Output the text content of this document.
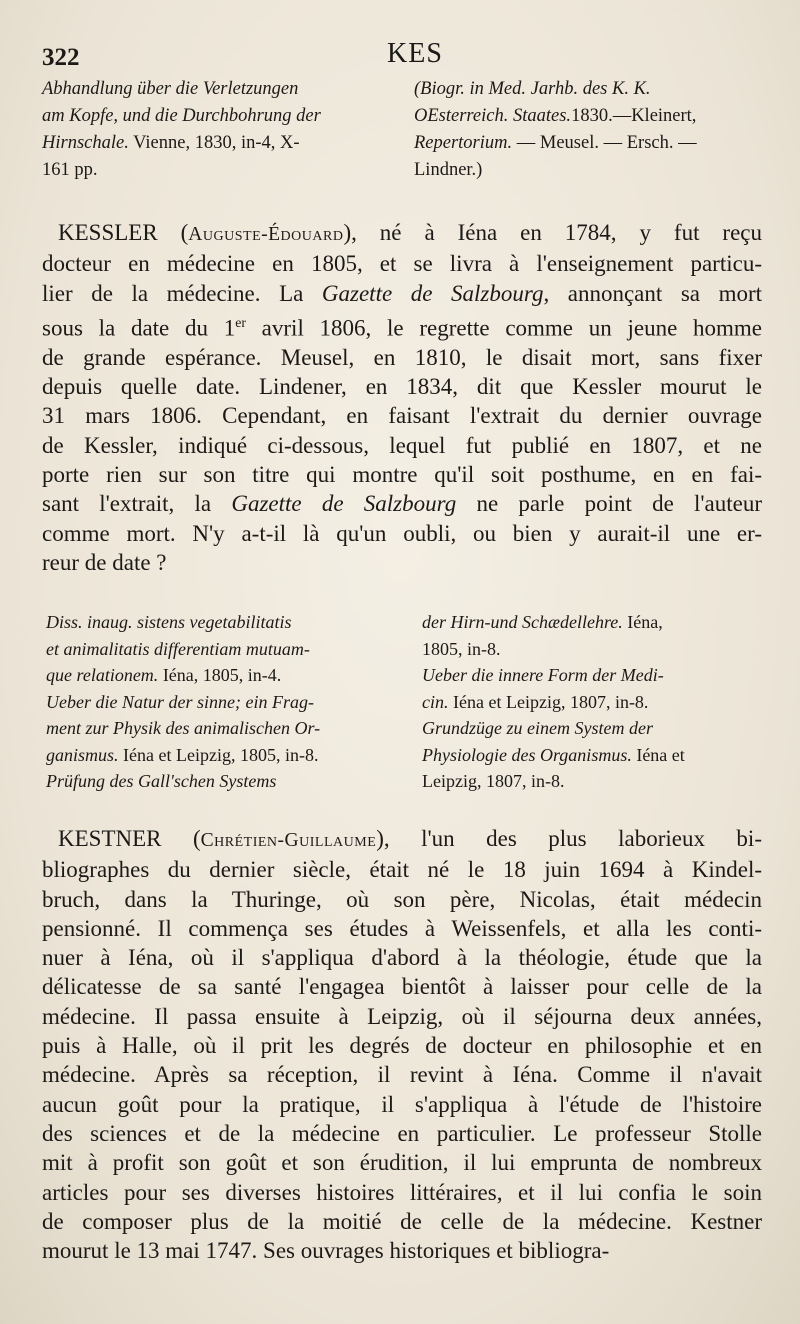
322	KES
Abhandlung über die Verletzungen
am Kopfe, und die Durchbohrung der
Hirnschale. Vienne, 1830, in-4, X-
161 pp.
(Biogr. in Med. Jarhb. des K. K.
OEsterreich. Staates.1830.—Kleinert,
Repertorium. — Meusel. — Ersch. —
Lindner.)
KESSLER (Auguste-Édouard), né à Iéna en 1784, y fut reçu
docteur en médecine en 1805, et se livra à l'enseignement particu-
lier de la médecine. La Gazette de Salzbourg, annonçant sa mort
sous la date du 1er avril 1806, le regrette comme un jeune homme
de grande espérance. Meusel, en 1810, le disait mort, sans fixer
depuis quelle date. Lindener, en 1834, dit que Kessler mourut le
31 mars 1806. Cependant, en faisant l'extrait du dernier ouvrage
de Kessler, indiqué ci-dessous, lequel fut publié en 1807, et ne
porte rien sur son titre qui montre qu'il soit posthume, en en fai-
sant l'extrait, la Gazette de Salzbourg ne parle point de l'auteur
comme mort. N'y a-t-il là qu'un oubli, ou bien y aurait-il une er-
reur de date ?
Diss. inaug. sistens vegetabilitatis
et animalitatis differentiam mutuam-
que relationem. Iéna, 1805, in-4.
Ueber die Natur der sinne; ein Frag-
ment zur Physik des animalischen Or-
ganismus. Iéna et Leipzig, 1805, in-8.
Prüfung des Gall'schen Systems
der Hirn-und Schædellehre. Iéna,
1805, in-8.
Ueber die innere Form der Medi-
cin. Iéna et Leipzig, 1807, in-8.
Grundzüge zu einem System der
Physiologie des Organismus. Iéna et
Leipzig, 1807, in-8.
KESTNER (Chrétien-Guillaume), l'un des plus laborieux bi-
bliographes du dernier siècle, était né le 18 juin 1694 à Kindel-
bruch, dans la Thuringe, où son père, Nicolas, était médecin
pensionné. Il commença ses études à Weissenfels, et alla les conti-
nuer à Iéna, où il s'appliqua d'abord à la théologie, étude que la
délicatesse de sa santé l'engagea bientôt à laisser pour celle de la
médecine. Il passa ensuite à Leipzig, où il séjourna deux années,
puis à Halle, où il prit les degrés de docteur en philosophie et en
médecine. Après sa réception, il revint à Iéna. Comme il n'avait
aucun goût pour la pratique, il s'appliqua à l'étude de l'histoire
des sciences et de la médecine en particulier. Le professeur Stolle
mit à profit son goût et son érudition, il lui emprunta de nombreux
articles pour ses diverses histoires littéraires, et il lui confia le soin
de composer plus de la moitié de celle de la médecine. Kestner
mourut le 13 mai 1747. Ses ouvrages historiques et bibliogra-
